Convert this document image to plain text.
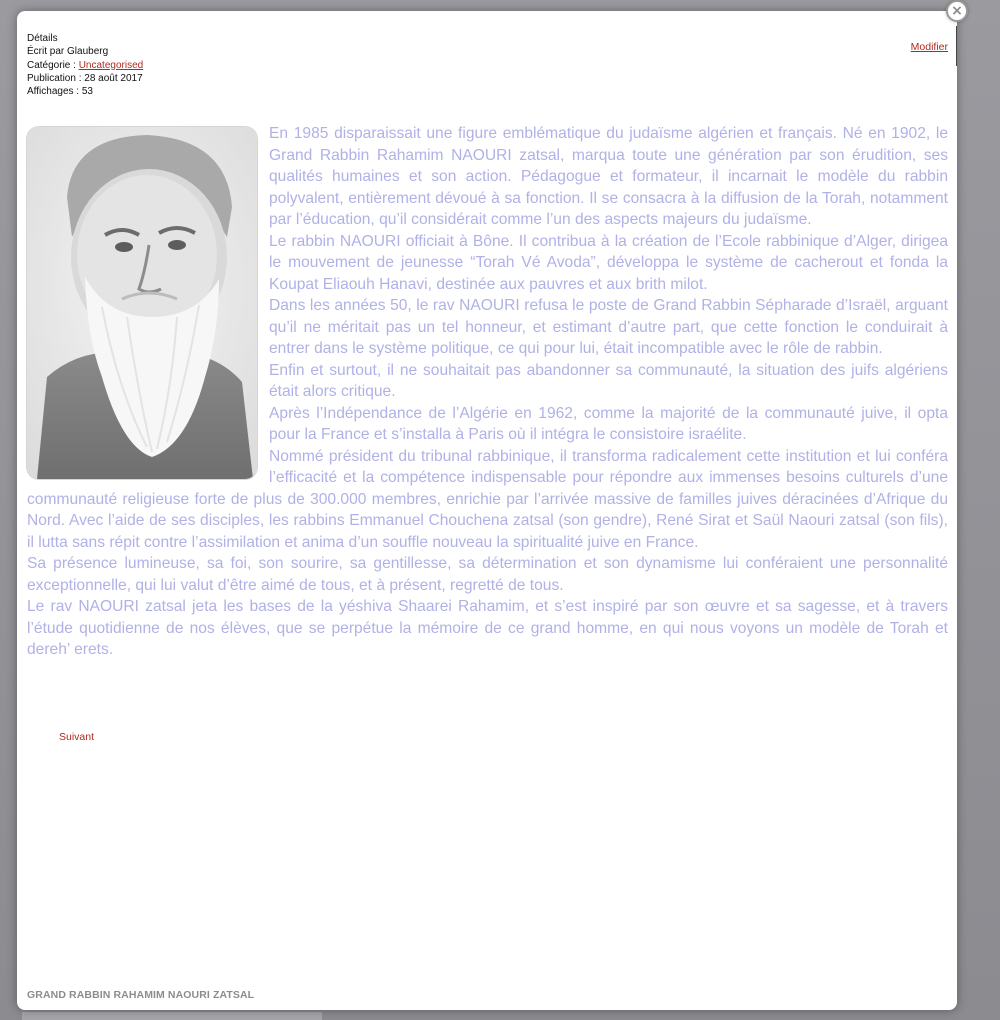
Détails
Écrit par Glauberg
Catégorie : Uncategorised
Publication : 28 août 2017
Affichages : 53
Modifier

En 1985 disparaissait une figure emblématique du judaïsme algérien et français. Né en 1902, le Grand Rabbin Rahamim NAOURI zatsal, marqua toute une génération par son érudition, ses qualités humaines et son action. Pédagogue et formateur, il incarnait le modèle du rabbin polyvalent, entièrement dévoué à sa fonction. Il se consacra à la diffusion de la Torah, notamment par l’éducation, qu’il considérait comme l’un des aspects majeurs du judaïsme.

Le rabbin NAOURI officiait à Bône. Il contribua à la création de l’Ecole rabbinique d’Alger, dirigea le mouvement de jeunesse “Torah Vé Avoda”, développa le système de cacherout et fonda la Koupat Eliaouh Hanavi, destinée aux pauvres et aux brith milot.

Dans les années 50, le rav NAOURI refusa le poste de Grand Rabbin Sépharade d’Israël, arguant qu’il ne méritait pas un tel honneur, et estimant d’autre part, que cette fonction le conduirait à entrer dans le système politique, ce qui pour lui, était incompatible avec le rôle de rabbin.

Enfin et surtout, il ne souhaitait pas abandonner sa communauté, la situation des juifs algériens était alors critique.

Après l’Indépendance de l’Algérie en 1962, comme la majorité de la communauté juive, il opta pour la France et s’installa à Paris où il intégra le consistoire israélite.

Nommé président du tribunal rabbinique, il transforma radicalement cette institution et lui conféra l’efficacité et la compétence indispensable pour répondre aux immenses besoins culturels d’une communauté religieuse forte de plus de 300.000 membres, enrichie par l’arrivée massive de familles juives déracinées d’Afrique du Nord. Avec l’aide de ses disciples, les rabbins Emmanuel Chouchena zatsal (son gendre), René Sirat et Saül Naouri zatsal (son fils), il lutta sans répit contre l’assimilation et anima d’un souffle nouveau la spiritualité juive en France.

Sa présence lumineuse, sa foi, son sourire, sa gentillesse, sa détermination et son dynamisme lui conféraient une personnalité exceptionnelle, qui lui valut d’être aimé de tous, et à présent, regretté de tous.

Le rav NAOURI zatsal jeta les bases de la yéshiva Shaarei Rahamim, et s’est inspiré par son œuvre et sa sagesse, et à travers l’étude quotidienne de nos élèves, que se perpétue la mémoire de ce grand homme, en qui nous voyons un modèle de Torah et dereh’ erets.

Suivant
GRAND RABBIN RAHAMIM NAOURI ZATSAL
×
